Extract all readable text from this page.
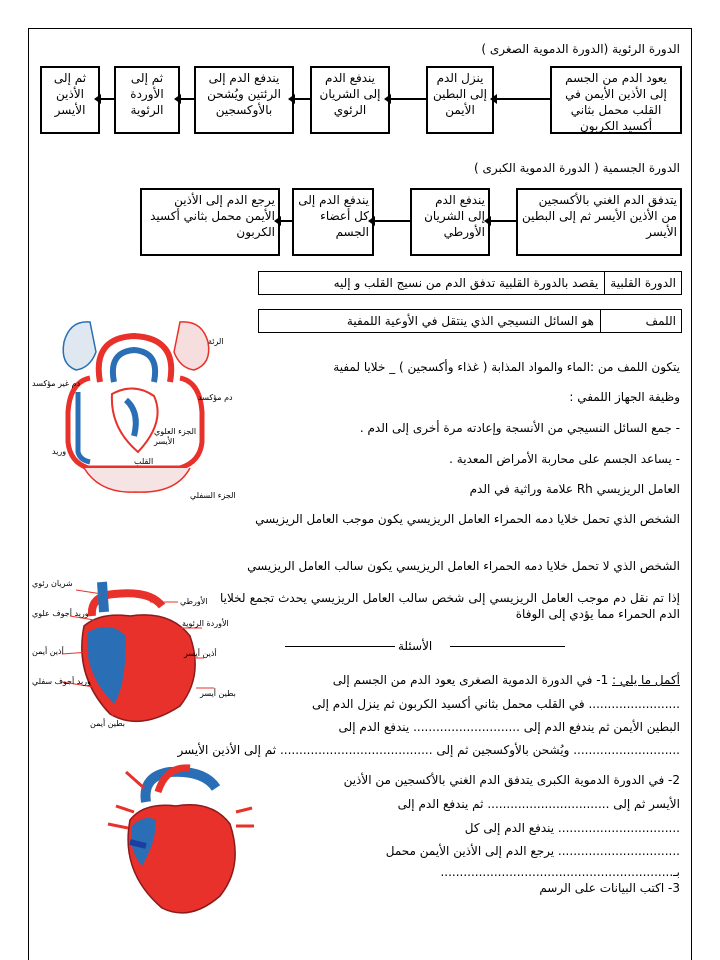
الدورة الرئوية (الدورة الدموية الصغرى )
يعود الدم من الجسم إلى الأذين الأيمن في القلب محمل بثاني أكسيد الكربون
ينزل الدم إلى البطين الأيمن
يندفع الدم إلى الشريان الرئوي
يندفع الدم إلى الرئتين ويُشحن بالأوكسجين
ثم إلى الأوردة الرئوية
ثم إلى الأذين الأيسر
الدورة الجسمية ( الدورة الدموية الكبرى )
يتدفق الدم الغني بالأكسجين من الأذين الأيسر ثم إلى البطين الأيسر
يندفع الدم إلى الشريان الأورطي
يندفع الدم إلى كل أعضاء الجسم
يرجع الدم إلى الأذين الأيمن محمل بثاني أكسيد الكربون
الدورة القلبية
يقصد بالدورة القلبية تدفق الدم من نسيج القلب و إليه
اللمف
هو السائل النسيجي الذي ينتقل في الأوعية اللمفية
يتكون اللمف من :الماء والمواد المذابة ( غذاء وأكسجين ) _ خلايا لمفية
وظيفة الجهاز اللمفي :
- جمع السائل النسيجي من الأنسجة وإعادته مرة أخرى إلى الدم .
- يساعد الجسم على محاربة الأمراض المعدية .
العامل الريزيسي Rh علامة وراثية في الدم
الشخص الذي تحمل خلايا دمه الحمراء العامل الريزيسي يكون موجب العامل الريزيسي
الشخص الذي لا تحمل خلايا دمه الحمراء العامل الريزيسي يكون سالب العامل الريزيسي
إذا تم نقل دم موجب العامل الريزيسي إلى شخص سالب العامل الريزيسي يحدث تجمع لخلايا الدم الحمراء مما يؤدي إلى الوفاة
الأسئلة
أكمل ما يلي : 1- في الدورة الدموية الصغرى يعود الدم من الجسم إلى
........................ في القلب محمل بثاني أكسيد الكربون ثم ينزل الدم إلى
البطين الأيمن ثم يندفع الدم إلى ............................ يندفع الدم إلى
............................ ويُشحن بالأوكسجين ثم إلى ........................................ ثم إلى الأذين الأيسر
2- في الدورة الدموية الكبرى يتدفق الدم الغني بالأكسجين من الأذين
الأيسر ثم إلى ................................ ثم يندفع الدم إلى
................................ يندفع الدم إلى كل
................................ يرجع الدم إلى الأذين الأيمن محمل
بـ.............................................................
3- اكتب البيانات على الرسم
الرئة
دم غير مؤكسد
دم مؤكسد
الجزء العلوي
الأيسر
وريد
القلب
الجزء السفلي
شريان رئوي
الأورطي
وريد أجوف علوي
الأوردة الرئوية
أذين أيمن	أذين أيسر
وريد أجوف سفلي
بطين أيسر
بطين أيمن
